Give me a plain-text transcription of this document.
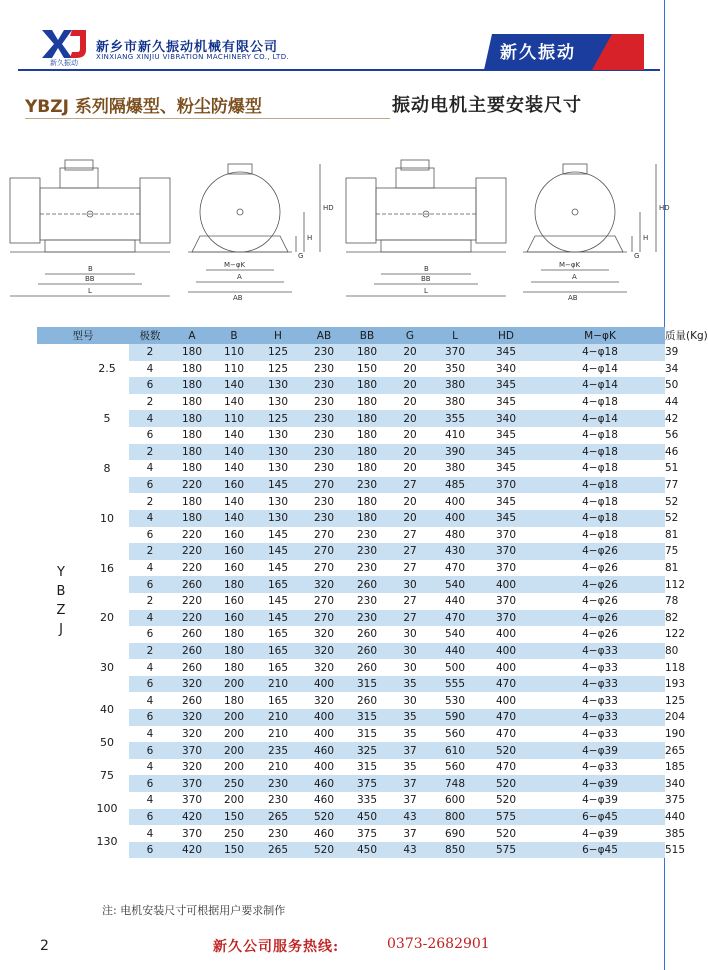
新久振动
新乡市新久振动机械有限公司
XINXIANG XINJIU VIBRATION MACHINERY CO., LTD.	新久振动
YBZJ 系列隔爆型、粉尘防爆型	振动电机主要安装尺寸
B
BB
L
M−φK
A
AB
HD
H
G
B
BB
L
M−φK
A
AB
HD
H
G
型号		极数	A	B	H	AB	BB	G	L	HD	M−φK	质量(Kg)

Y
B
Z
J	2.5	2	180	110	125	230	180	20	370	345	4−φ18	39
		4	180	110	125	230	150	20	350	340	4−φ14	34
		6	180	140	130	230	180	20	380	345	4−φ14	50
	5	2	180	140	130	230	180	20	380	345	4−φ18	44
		4	180	110	125	230	180	20	355	340	4−φ14	42
		6	180	140	130	230	180	20	410	345	4−φ18	56
	8	2	180	140	130	230	180	20	390	345	4−φ18	46
		4	180	140	130	230	180	20	380	345	4−φ18	51
		6	220	160	145	270	230	27	485	370	4−φ18	77
	10	2	180	140	130	230	180	20	400	345	4−φ18	52
		4	180	140	130	230	180	20	400	345	4−φ18	52
		6	220	160	145	270	230	27	480	370	4−φ18	81
	16	2	220	160	145	270	230	27	430	370	4−φ26	75
		4	220	160	145	270	230	27	470	370	4−φ26	81
		6	260	180	165	320	260	30	540	400	4−φ26	112
	20	2	220	160	145	270	230	27	440	370	4−φ26	78
		4	220	160	145	270	230	27	470	370	4−φ26	82
		6	260	180	165	320	260	30	540	400	4−φ26	122
	30	2	260	180	165	320	260	30	440	400	4−φ33	80
		4	260	180	165	320	260	30	500	400	4−φ33	118
		6	320	200	210	400	315	35	555	470	4−φ33	193
	40	4	260	180	165	320	260	30	530	400	4−φ33	125
		6	320	200	210	400	315	35	590	470	4−φ33	204
	50	4	320	200	210	400	315	35	560	470	4−φ33	190
		6	370	200	235	460	325	37	610	520	4−φ39	265
	75	4	320	200	210	400	315	35	560	470	4−φ33	185
		6	370	250	230	460	375	37	748	520	4−φ39	340
	100	4	370	200	230	460	335	37	600	520	4−φ39	375
		6	420	150	265	520	450	43	800	575	6−φ45	440
	130	4	370	250	230	460	375	37	690	520	4−φ39	385
		6	420	150	265	520	450	43	850	575	6−φ45	515
注: 电机安装尺寸可根据用户要求制作
2	新久公司服务热线:	0373-2682901
